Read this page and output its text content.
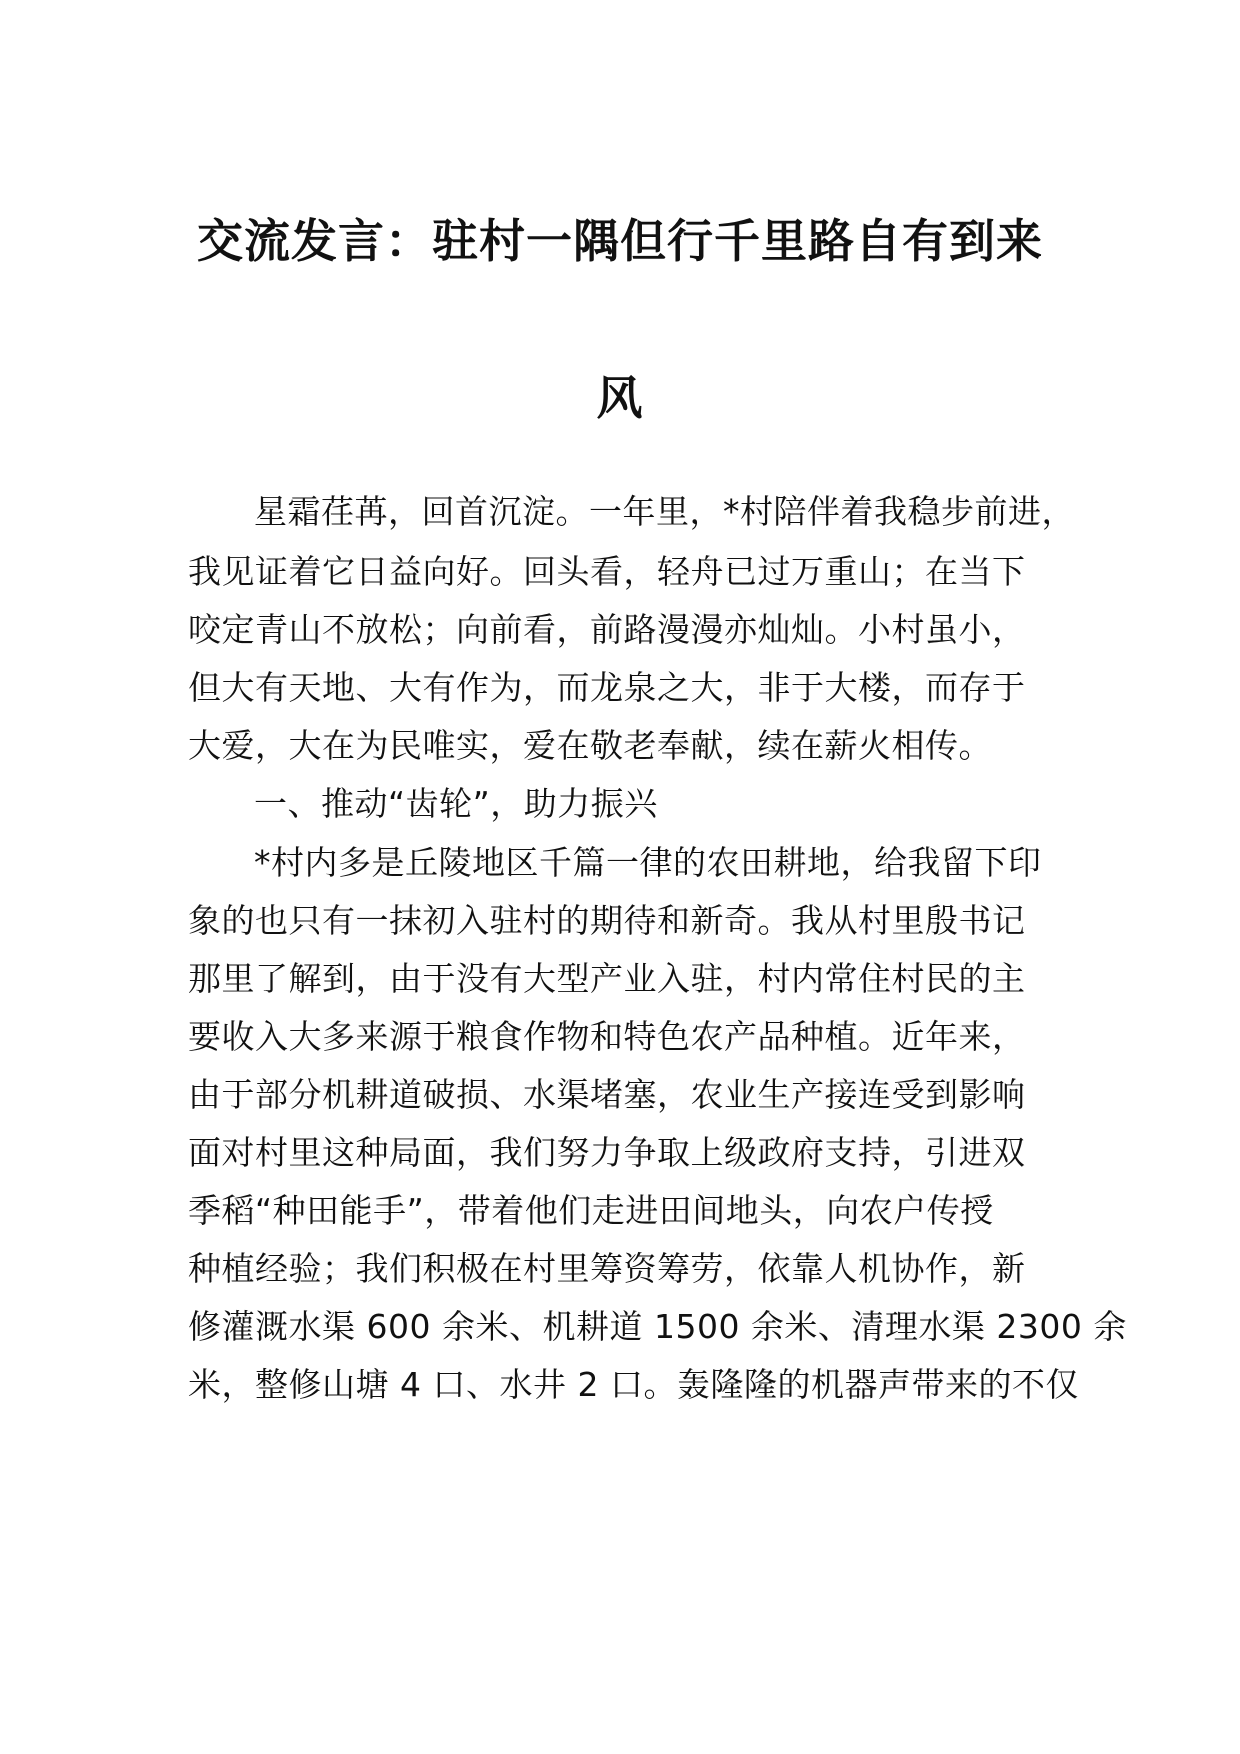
交流发言：驻村一隅但行千里路自有到来
风
星霜荏苒，回首沉淀。一年里，*村陪伴着我稳步前进，
我见证着它日益向好。回头看，轻舟已过万重山；在当下
咬定青山不放松；向前看，前路漫漫亦灿灿。小村虽小，
但大有天地、大有作为，而龙泉之大，非于大楼，而存于
大爱，大在为民唯实，爱在敬老奉献，续在薪火相传。
一、推动“齿轮”，助力振兴
*村内多是丘陵地区千篇一律的农田耕地，给我留下印
象的也只有一抹初入驻村的期待和新奇。我从村里殷书记
那里了解到，由于没有大型产业入驻，村内常住村民的主
要收入大多来源于粮食作物和特色农产品种植。近年来，
由于部分机耕道破损、水渠堵塞，农业生产接连受到影响
面对村里这种局面，我们努力争取上级政府支持，引进双
季稻“种田能手”，带着他们走进田间地头，向农户传授
种植经验；我们积极在村里筹资筹劳，依靠人机协作，新
修灌溉水渠 600 余米、机耕道 1500 余米、清理水渠 2300 余
米，整修山塘 4 口、水井 2 口。轰隆隆的机器声带来的不仅
